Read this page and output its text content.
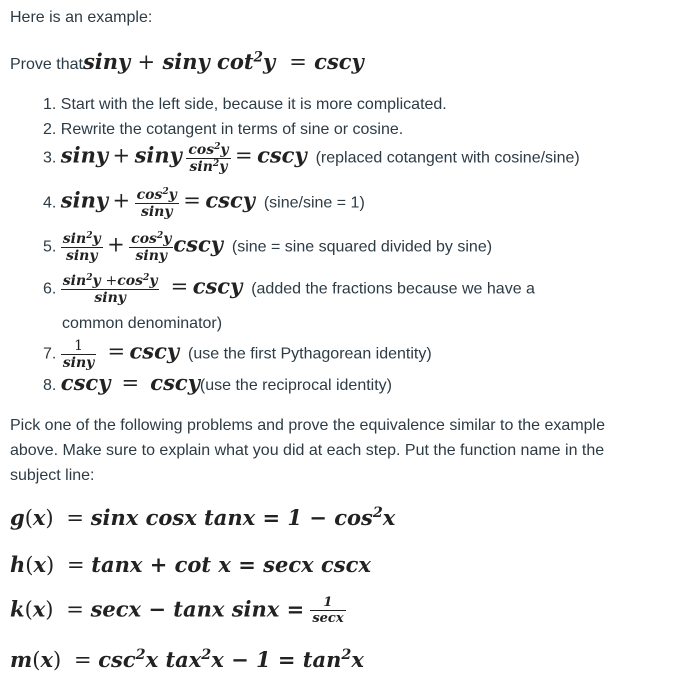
Here is an example:
Prove thatsiny + siny $\cot^2y = \csc y$
1. Start with the left side, because it is more complicated.
2. Rewrite the cotangent in terms of sine or cosine.
3. siny + siny $\frac{\cos^2y}{\sin^2y} = \csc y$ (replaced cotangent with cosine/sine)
4. $\sin y + \frac{\cos^2y}{\sin y} = \csc y$ (sine/sine = 1)
5. $\frac{\sin^2y}{\sin y} + \frac{\cos^2y}{\sin y}$ cscy (sine = sine squared divided by sine)
6. $\frac{\sin^2y +\cos^2y}{\sin y} = \csc y$ (added the fractions because we have a
common denominator)
7. $\frac{1}{\sin y} = \csc y$ (use the first Pythagorean identity)
8. cscy = cscy(use the reciprocal identity)
Pick one of the following problems and prove the equivalence similar to the example above. Make sure to explain what you did at each step. Put the function name in the subject line:
g(x)  = sinx cosx $\tan x = 1 - \cos^2x$
h(x)  = tanx + cot x = secx cscx
k(x)  = secx − tanx $\sin x = \frac{1}{\sec x}$
$m(x) = \csc^2x$ $tax^2x - 1 = \tan^2x$
